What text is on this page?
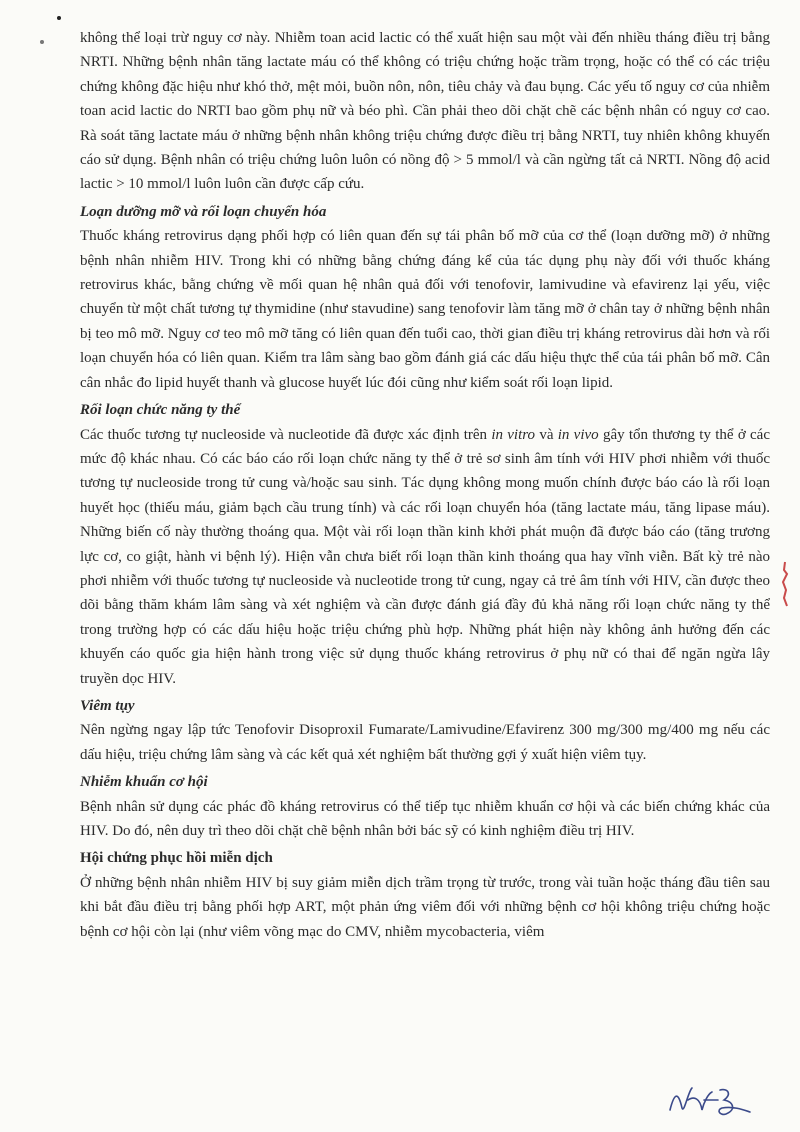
không thể loại trừ nguy cơ này. Nhiễm toan acid lactic có thể xuất hiện sau một vài đến nhiều tháng điều trị bằng NRTI. Những bệnh nhân tăng lactate máu có thể không có triệu chứng hoặc trầm trọng, hoặc có thể có các triệu chứng không đặc hiệu như khó thở, mệt mỏi, buồn nôn, nôn, tiêu chảy và đau bụng. Các yếu tố nguy cơ của nhiễm toan acid lactic do NRTI bao gồm phụ nữ và béo phì. Cần phải theo dõi chặt chẽ các bệnh nhân có nguy cơ cao. Rà soát tăng lactate máu ở những bệnh nhân không triệu chứng được điều trị bằng NRTI, tuy nhiên không khuyến cáo sử dụng. Bệnh nhân có triệu chứng luôn luôn có nồng độ > 5 mmol/l và cần ngừng tất cả NRTI. Nồng độ acid lactic > 10 mmol/l luôn luôn cần được cấp cứu.

Loạn dưỡng mỡ và rối loạn chuyển hóa

Thuốc kháng retrovirus dạng phối hợp có liên quan đến sự tái phân bố mỡ của cơ thể (loạn dưỡng mỡ) ở những bệnh nhân nhiễm HIV. Trong khi có những bằng chứng đáng kể của tác dụng phụ này đối với thuốc kháng retrovirus khác, bằng chứng về mối quan hệ nhân quả đối với tenofovir, lamivudine và efavirenz lại yếu, việc chuyển từ một chất tương tự thymidine (như stavudine) sang tenofovir làm tăng mỡ ở chân tay ở những bệnh nhân bị teo mô mỡ. Nguy cơ teo mô mỡ tăng có liên quan đến tuổi cao, thời gian điều trị kháng retrovirus dài hơn và rối loạn chuyển hóa có liên quan. Kiểm tra lâm sàng bao gồm đánh giá các dấu hiệu thực thể của tái phân bố mỡ. Cân cân nhắc đo lipid huyết thanh và glucose huyết lúc đói cũng như kiểm soát rối loạn lipid.

Rối loạn chức năng ty thể

Các thuốc tương tự nucleoside và nucleotide đã được xác định trên in vitro và in vivo gây tổn thương ty thể ở các mức độ khác nhau. Có các báo cáo rối loạn chức năng ty thể ở trẻ sơ sinh âm tính với HIV phơi nhiễm với thuốc tương tự nucleoside trong tử cung và/hoặc sau sinh. Tác dụng không mong muốn chính được báo cáo là rối loạn huyết học (thiếu máu, giảm bạch cầu trung tính) và các rối loạn chuyển hóa (tăng lactate máu, tăng lipase máu). Những biến cố này thường thoáng qua. Một vài rối loạn thần kinh khởi phát muộn đã được báo cáo (tăng trương lực cơ, co giật, hành vi bệnh lý). Hiện vẫn chưa biết rối loạn thần kinh thoáng qua hay vĩnh viễn. Bất kỳ trẻ nào phơi nhiễm với thuốc tương tự nucleoside và nucleotide trong tử cung, ngay cả trẻ âm tính với HIV, cần được theo dõi bằng thăm khám lâm sàng và xét nghiệm và cần được đánh giá đầy đủ khả năng rối loạn chức năng ty thể trong trường hợp có các dấu hiệu hoặc triệu chứng phù hợp. Những phát hiện này không ảnh hưởng đến các khuyến cáo quốc gia hiện hành trong việc sử dụng thuốc kháng retrovirus ở phụ nữ có thai để ngăn ngừa lây truyền dọc HIV.

Viêm tụy

Nên ngừng ngay lập tức Tenofovir Disoproxil Fumarate/Lamivudine/Efavirenz 300 mg/300 mg/400 mg nếu các dấu hiệu, triệu chứng lâm sàng và các kết quả xét nghiệm bất thường gợi ý xuất hiện viêm tụy.

Nhiễm khuẩn cơ hội

Bệnh nhân sử dụng các phác đồ kháng retrovirus có thể tiếp tục nhiễm khuẩn cơ hội và các biến chứng khác của HIV. Do đó, nên duy trì theo dõi chặt chẽ bệnh nhân bởi bác sỹ có kinh nghiệm điều trị HIV.

Hội chứng phục hồi miễn dịch

Ở những bệnh nhân nhiễm HIV bị suy giảm miễn dịch trầm trọng từ trước, trong vài tuần hoặc tháng đầu tiên sau khi bắt đầu điều trị bằng phối hợp ART, một phản ứng viêm đối với những bệnh cơ hội không triệu chứng hoặc bệnh cơ hội còn lại (như viêm võng mạc do CMV, nhiễm mycobacteria, viêm
